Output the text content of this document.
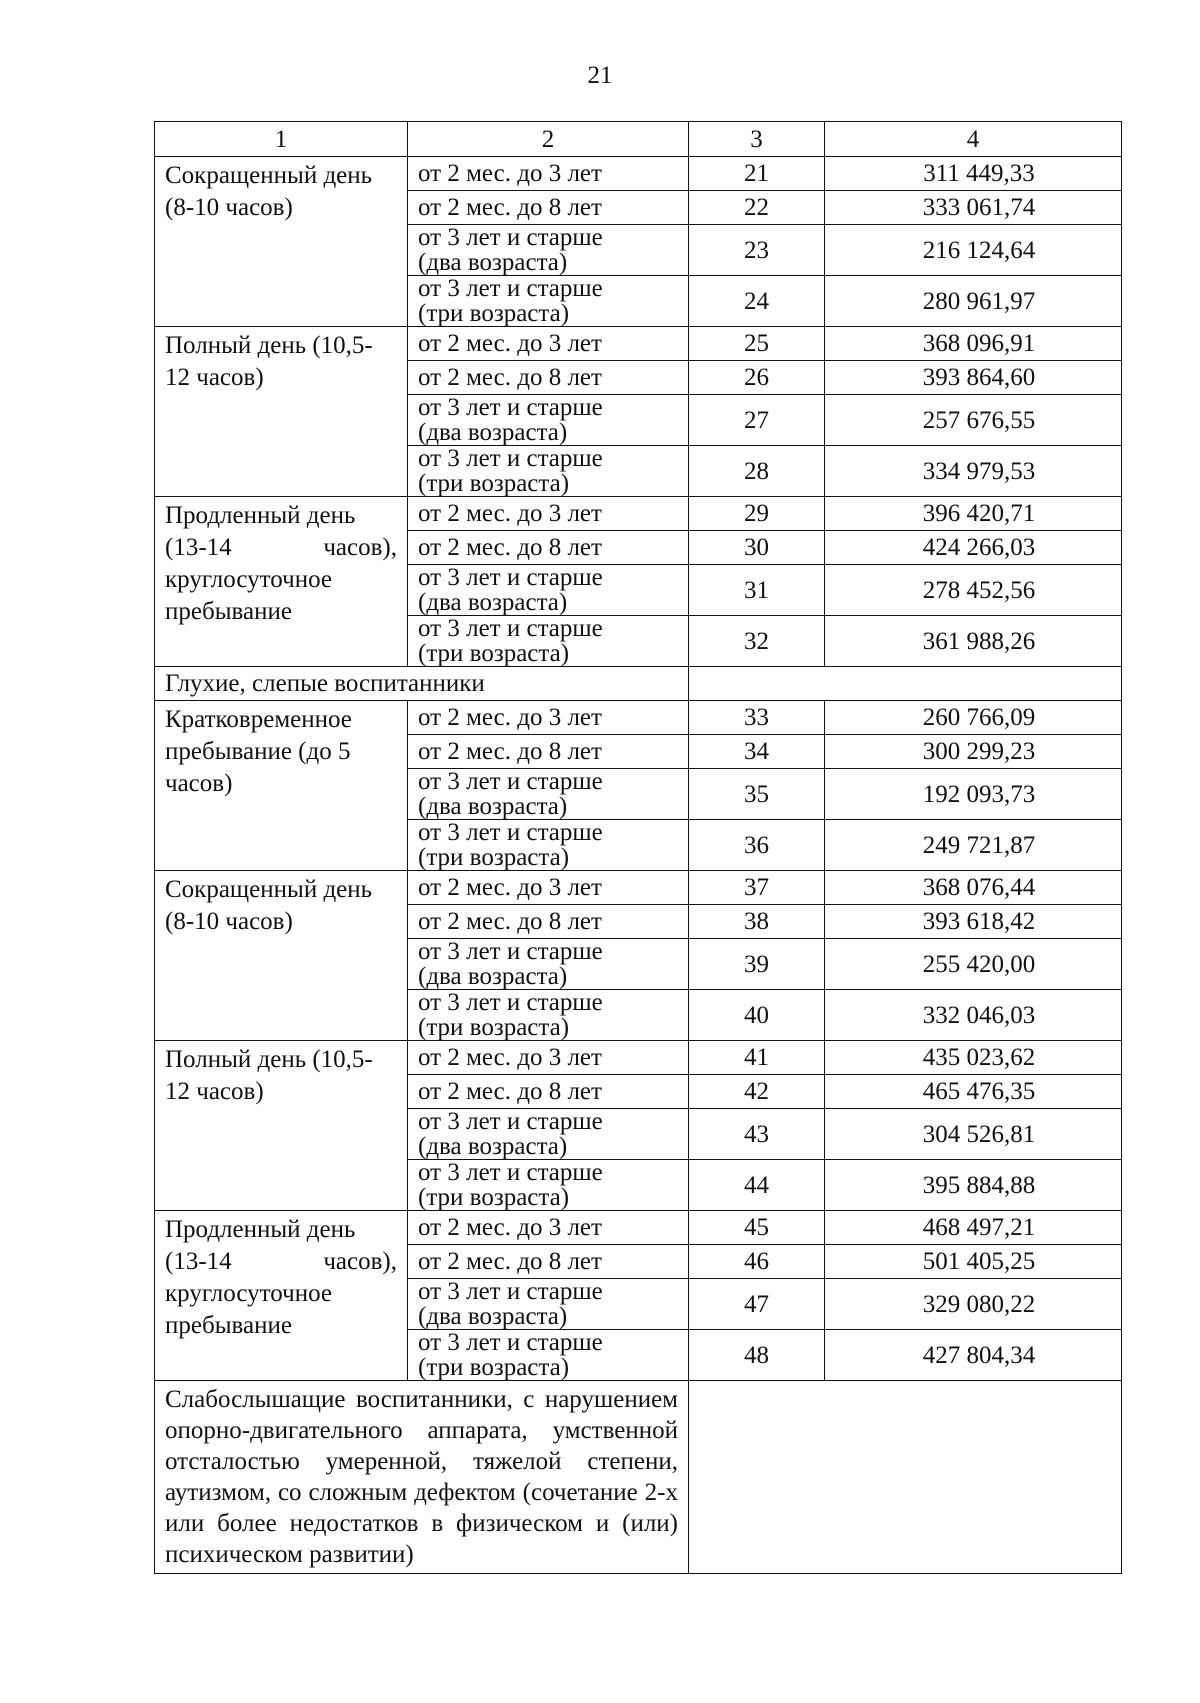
21
1	2	3	4
Сокращенный день (8-10 часов)	от 2 мес. до 3 лет	21	311 449,33
	от 2 мес. до 8 лет	22	333 061,74

	от 3 лет и старше (два возраста)	23	216 124,64

	от 3 лет и старше (три возраста)	24	280 961,97
Полный день (10,5-12 часов)	от 2 мес. до 3 лет	25	368 096,91
	от 2 мес. до 8 лет	26	393 864,60

	от 3 лет и старше (два возраста)	27	257 676,55

	от 3 лет и старше (три возраста)	28	334 979,53

Продленный день
(13-14 часов),
круглосуточное
пребывание	от 2 мес. до 3 лет	29	396 420,71
	от 2 мес. до 8 лет	30	424 266,03

	от 3 лет и старше (два возраста)	31	278 452,56

	от 3 лет и старше (три возраста)	32	361 988,26
Глухие, слепые воспитанники			
Кратковременное пребывание (до 5 часов)	от 2 мес. до 3 лет	33	260 766,09
	от 2 мес. до 8 лет	34	300 299,23

	от 3 лет и старше (два возраста)	35	192 093,73

	от 3 лет и старше (три возраста)	36	249 721,87
Сокращенный день (8-10 часов)	от 2 мес. до 3 лет	37	368 076,44
	от 2 мес. до 8 лет	38	393 618,42

	от 3 лет и старше (два возраста)	39	255 420,00

	от 3 лет и старше (три возраста)	40	332 046,03
Полный день (10,5-12 часов)	от 2 мес. до 3 лет	41	435 023,62
	от 2 мес. до 8 лет	42	465 476,35

	от 3 лет и старше (два возраста)	43	304 526,81

	от 3 лет и старше (три возраста)	44	395 884,88

Продленный день
(13-14 часов),
круглосуточное
пребывание	от 2 мес. до 3 лет	45	468 497,21
	от 2 мес. до 8 лет	46	501 405,25

	от 3 лет и старше (два возраста)	47	329 080,22

	от 3 лет и старше (три возраста)	48	427 804,34
Слабослышащие воспитанники, с нарушением опорно-двигательного аппарата, умственной отсталостью умеренной, тяжелой степени, аутизмом, со сложным дефектом (сочетание 2-х или более недостатков в физическом и (или) психическом развитии)			
